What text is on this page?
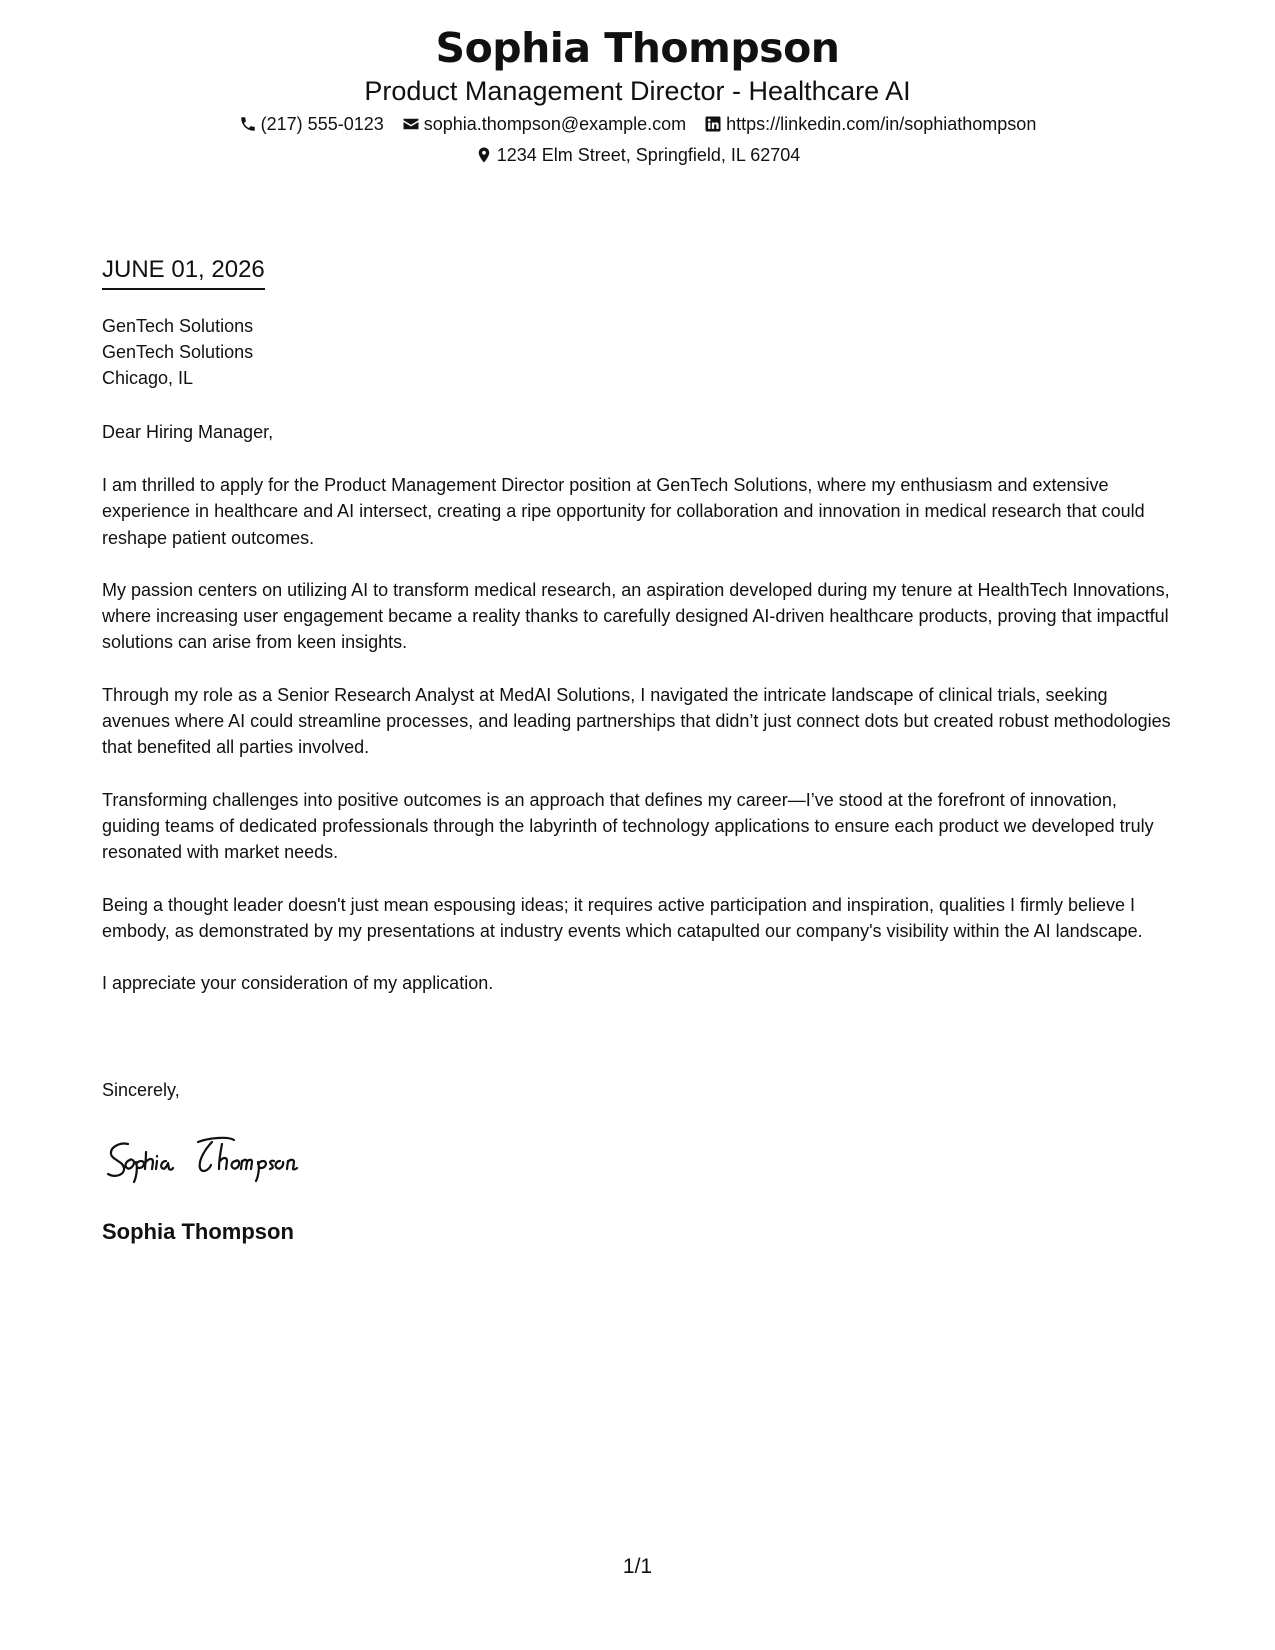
Sophia Thompson
Product Management Director - Healthcare AI
(217) 555-0123 sophia.thompson@example.com https://linkedin.com/in/sophiathompson
1234 Elm Street, Springfield, IL 62704
JUNE 01, 2026
GenTech Solutions
GenTech Solutions
Chicago, IL
Dear Hiring Manager,

I am thrilled to apply for the Product Management Director position at GenTech Solutions, where my enthusiasm and extensive experience in healthcare and AI intersect, creating a ripe opportunity for collaboration and innovation in medical research that could reshape patient outcomes.

My passion centers on utilizing AI to transform medical research, an aspiration developed during my tenure at HealthTech Innovations, where increasing user engagement became a reality thanks to carefully designed AI-driven healthcare products, proving that impactful solutions can arise from keen insights.

Through my role as a Senior Research Analyst at MedAI Solutions, I navigated the intricate landscape of clinical trials, seeking avenues where AI could streamline processes, and leading partnerships that didn’t just connect dots but created robust methodologies that benefited all parties involved.

Transforming challenges into positive outcomes is an approach that defines my career—I’ve stood at the forefront of innovation, guiding teams of dedicated professionals through the labyrinth of technology applications to ensure each product we developed truly resonated with market needs.

Being a thought leader doesn't just mean espousing ideas; it requires active participation and inspiration, qualities I firmly believe I embody, as demonstrated by my presentations at industry events which catapulted our company's visibility within the AI landscape.

I appreciate your consideration of my application.

Sincerely,
Sophia Thompson
1/1
